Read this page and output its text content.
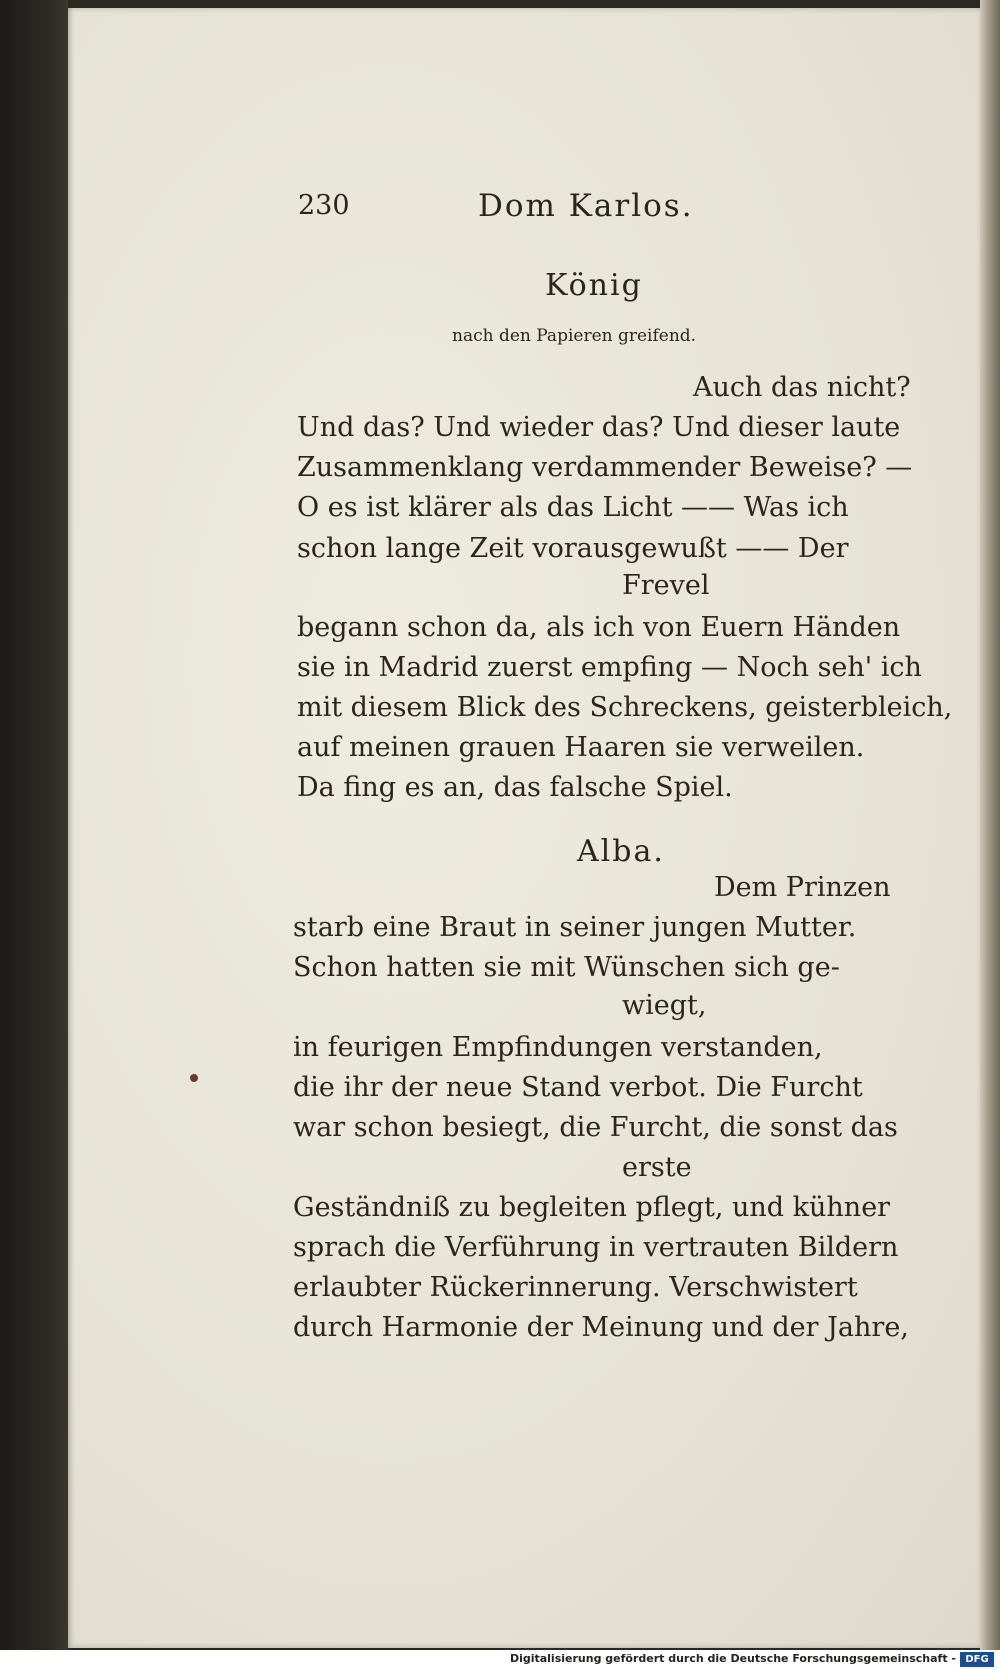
230	Dom Karlos.
König
nach den Papieren greifend.
Auch das nicht?
Und das? Und wieder das? Und dieser laute
Zusammenklang verdammender Beweise? —
O es ist klärer als das Licht —— Was ich
schon lange Zeit vorausgewußt —— Der
Frevel
begann schon da, als ich von Euern Händen
sie in Madrid zuerst empfing — Noch seh' ich
mit diesem Blick des Schreckens, geisterbleich,
auf meinen grauen Haaren sie verweilen.
Da fing es an, das falsche Spiel.
Alba.
Dem Prinzen
starb eine Braut in seiner jungen Mutter.
Schon hatten sie mit Wünschen sich ge-
wiegt,
in feurigen Empfindungen verstanden,
die ihr der neue Stand verbot. Die Furcht
war schon besiegt, die Furcht, die sonst das
erste
Geständniß zu begleiten pflegt, und kühner
sprach die Verführung in vertrauten Bildern
erlaubter Rückerinnerung. Verschwistert
durch Harmonie der Meinung und der Jahre,
Digitalisierung gefördert durch die Deutsche Forschungsgemeinschaft - DFG
